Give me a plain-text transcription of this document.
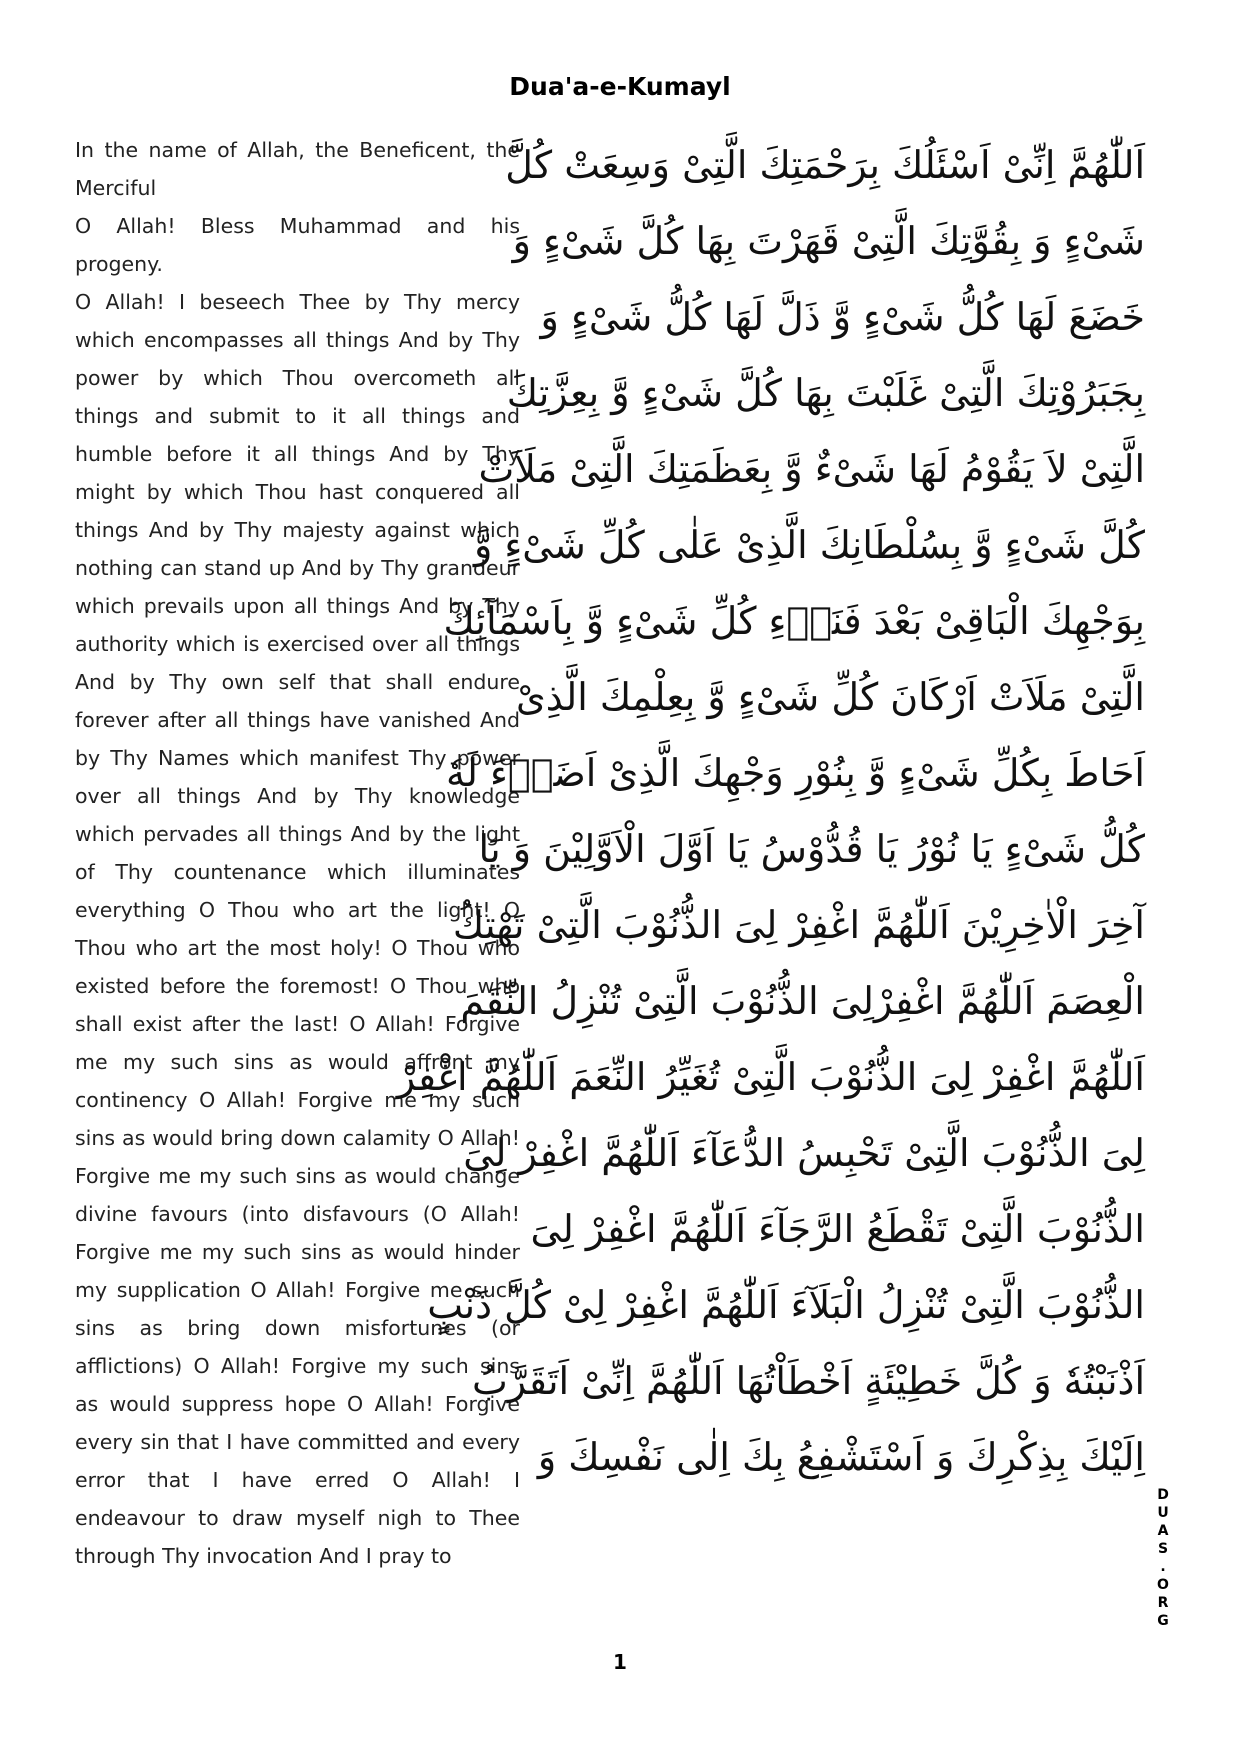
Dua'a-e-Kumayl

In the name of Allah, the Beneficent, the Merciful

O Allah! Bless Muhammad and his progeny.

O Allah! I beseech Thee by Thy mercy which encompasses all things And by Thy power by which Thou overcometh all things and submit to it all things and humble before it all things And by Thy might by which Thou hast conquered all things And by Thy majesty against which nothing can stand up And by Thy grandeur which prevails upon all things And by Thy authority which is exercised over all things And by Thy own self that shall endure forever after all things have vanished And by Thy Names which manifest Thy power over all things And by Thy knowledge which pervades all things And by the light of Thy countenance which illuminates everything O Thou who art the light! O Thou who art the most holy! O Thou who existed before the foremost! O Thou who shall exist after the last! O Allah! Forgive me my such sins as would affront my continency O Allah! Forgive me my such sins as would bring down calamity O Allah! Forgive me my such sins as would change divine favours (into disfavours (O Allah! Forgive me my such sins as would hinder my supplication O Allah! Forgive me such sins as bring down misfortunes (or afflictions) O Allah! Forgive my such sins as would suppress hope O Allah! Forgive every sin that I have committed and every error that I have erred O Allah! I endeavour to draw myself nigh to Thee through Thy invocation And I pray to

اَللّٰهُمَّ اِنِّیْ اَسْئَلُكَ بِرَحْمَتِكَ الَّتِیْ وَسِعَتْ كُلَّ
شَیْءٍ وَ بِقُوَّتِكَ الَّتِیْ قَهَرْتَ بِهَا كُلَّ شَیْءٍ وَ
خَضَعَ لَهَا كُلُّ شَیْءٍ وَّ ذَلَّ لَهَا كُلُّ شَیْءٍ وَ
بِجَبَرُوْتِكَ الَّتِیْ غَلَبْتَ بِهَا كُلَّ شَیْءٍ وَّ بِعِزَّتِكَ
الَّتِیْ لاَ یَقُوْمُ لَهَا شَیْءٌ وَّ بِعَظَمَتِكَ الَّتِیْ مَلَاَتْ
كُلَّ شَیْءٍ وَّ بِسُلْطَانِكَ الَّذِیْ عَلٰی كُلِّ شَیْءٍ وَّ
بِوَجْهِكَ الْبَاقِیْ بَعْدَ فَنَاۤءِ كُلِّ شَیْءٍ وَّ بِاَسْمَآئِكَ
الَّتِیْ مَلَاَتْ اَرْكَانَ كُلِّ شَیْءٍ وَّ بِعِلْمِكَ الَّذِیْ
اَحَاطَ بِكُلِّ شَیْءٍ وَّ بِنُوْرِ وَجْهِكَ الَّذِیْ اَضَاۤءَ لَهٗ
كُلُّ شَیْءٍ یَا نُوْرُ یَا قُدُّوْسُ یَا اَوَّلَ الْاَوَّلِیْنَ وَ یَا
آخِرَ الْاٰخِرِیْنَ اَللّٰهُمَّ اغْفِرْ لِیَ الذُّنُوْبَ الَّتِیْ تَهْتِكُ
الْعِصَمَ اَللّٰهُمَّ اغْفِرْلِیَ الذُّنُوْبَ الَّتِیْ تُنْزِلُ النِّقَمَ
اَللّٰهُمَّ اغْفِرْ لِیَ الذُّنُوْبَ الَّتِیْ تُغَیِّرُ النِّعَمَ اَللّٰهُمَّ اغْفِرْ
لِیَ الذُّنُوْبَ الَّتِیْ تَحْبِسُ الدُّعَآءَ اَللّٰهُمَّ اغْفِرْ لِیَ
الذُّنُوْبَ الَّتِیْ تَقْطَعُ الرَّجَآءَ اَللّٰهُمَّ اغْفِرْ لِیَ
الذُّنُوْبَ الَّتِیْ تُنْزِلُ الْبَلَآءَ اَللّٰهُمَّ اغْفِرْ لِیْ كُلَّ ذَنْبٍ
اَذْنَبْتُهٗ وَ كُلَّ خَطِیْئَةٍ اَخْطَاْتُهَا اَللّٰهُمَّ اِنِّیْ اَتَقَرَّبُ
اِلَیْكَ بِذِكْرِكَ وَ اَسْتَشْفِعُ بِكَ اِلٰی نَفْسِكَ وَ
D
U
A
S
.
O
R
G
1
